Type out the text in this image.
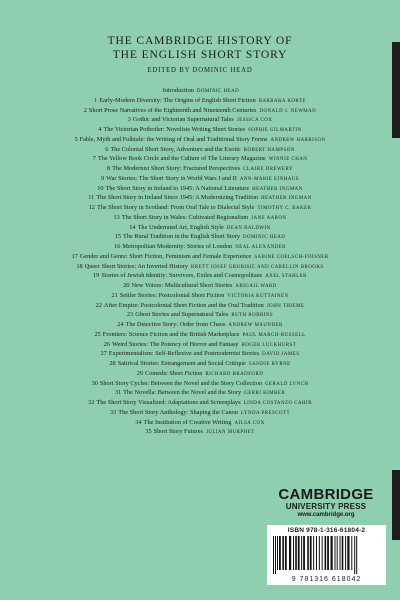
THE CAMBRIDGE HISTORY OF
THE ENGLISH SHORT STORY
EDITED BY DOMINIC HEAD
Introduction DOMINIC HEAD
1 Early-Modern Diversity: The Origins of English Short Fiction BARBARA KORTE
2 Short Prose Narratives of the Eighteenth and Nineteenth Centuries DONALD J. NEWMAN
3 Gothic and Victorian Supernatural Tales JESSICA COX
4 The Victorian Potboiler: Novelists Writing Short Stories SOPHIE GILMARTIN
5 Fable, Myth and Folktale: the Writing of Oral and Traditional Story Forms ANDREW HARRISON
6 The Colonial Short Story, Adventure and the Exotic ROBERT HAMPSON
7 The Yellow Book Circle and the Culture of The Literary Magazine WINNIE CHAN
8 The Modernist Short Story: Fractured Perspectives CLAIRE DREWERY
9 War Stories: The Short Story in World Wars I and II ANN-MARIE EINHAUS
10 The Short Story in Ireland to 1945: A National Literature HEATHER INGMAN
11 The Short Story in Ireland Since 1945: A Modernizing Tradition HEATHER INGMAN
12 The Short Story in Scotland: From Oral Tale to Dialectal Style TIMOTHY C. BAKER
13 The Short Story in Wales: Cultivated Regionalism JANE AARON
14 The Underrated Art, English Style DEAN BALDWIN
15 The Rural Tradition in the English Short Story DOMINIC HEAD
16 Metropolitan Modernity: Stories of London NEAL ALEXANDER
17 Gender and Genre: Short Fiction, Feminism and Female Experience SABINE COELSCH-FOISNER
18 Queer Short Stories: An Inverted History BRETT JOSEF GRUBISIC AND CARELLIN BROOKS
19 Stories of Jewish Identity: Survivors, Exiles and Cosmopolitans AXEL STAHLER
20 New Voices: Multicultural Short Stories ABIGAIL WARD
21 Settler Stories: Postcolonial Short Fiction VICTORIA KUTTAINEN
22 After Empire: Postcolonial Short Fiction and the Oral Tradition JOHN THIEME
23 Ghost Stories and Supernatural Tales RUTH ROBBINS
24 The Detective Story: Order from Chaos ANDREW MAUNDER
25 Frontiers: Science Fiction and the British Marketplace PAUL MARCH-RUSSELL
26 Weird Stories: The Potency of Horror and Fantasy ROGER LUCKHURST
27 Experimentalism: Self-Reflexive and Postmodernist Stories DAVID JAMES
28 Satirical Stories: Estrangement and Social Critique SANDIE BYRNE
29 Comedic Short Fiction RICHARD BRADFORD
30 Short Story Cycles: Between the Novel and the Story Collection GERALD LYNCH
31 The Novella: Between the Novel and the Story GERRI KIMBER
32 The Short Story Visualized: Adaptations and Screenplays LINDA COSTANZO CAHIR
33 The Short Story Anthology: Shaping the Canon LYNDA PRESCOTT
34 The Institution of Creative Writing AILSA COX
35 Short Story Futures JULIAN MURPHET
CAMBRIDGE
UNIVERSITY PRESS
www.cambridge.org
ISBN 978-1-316-61804-2
9 781316 618042
